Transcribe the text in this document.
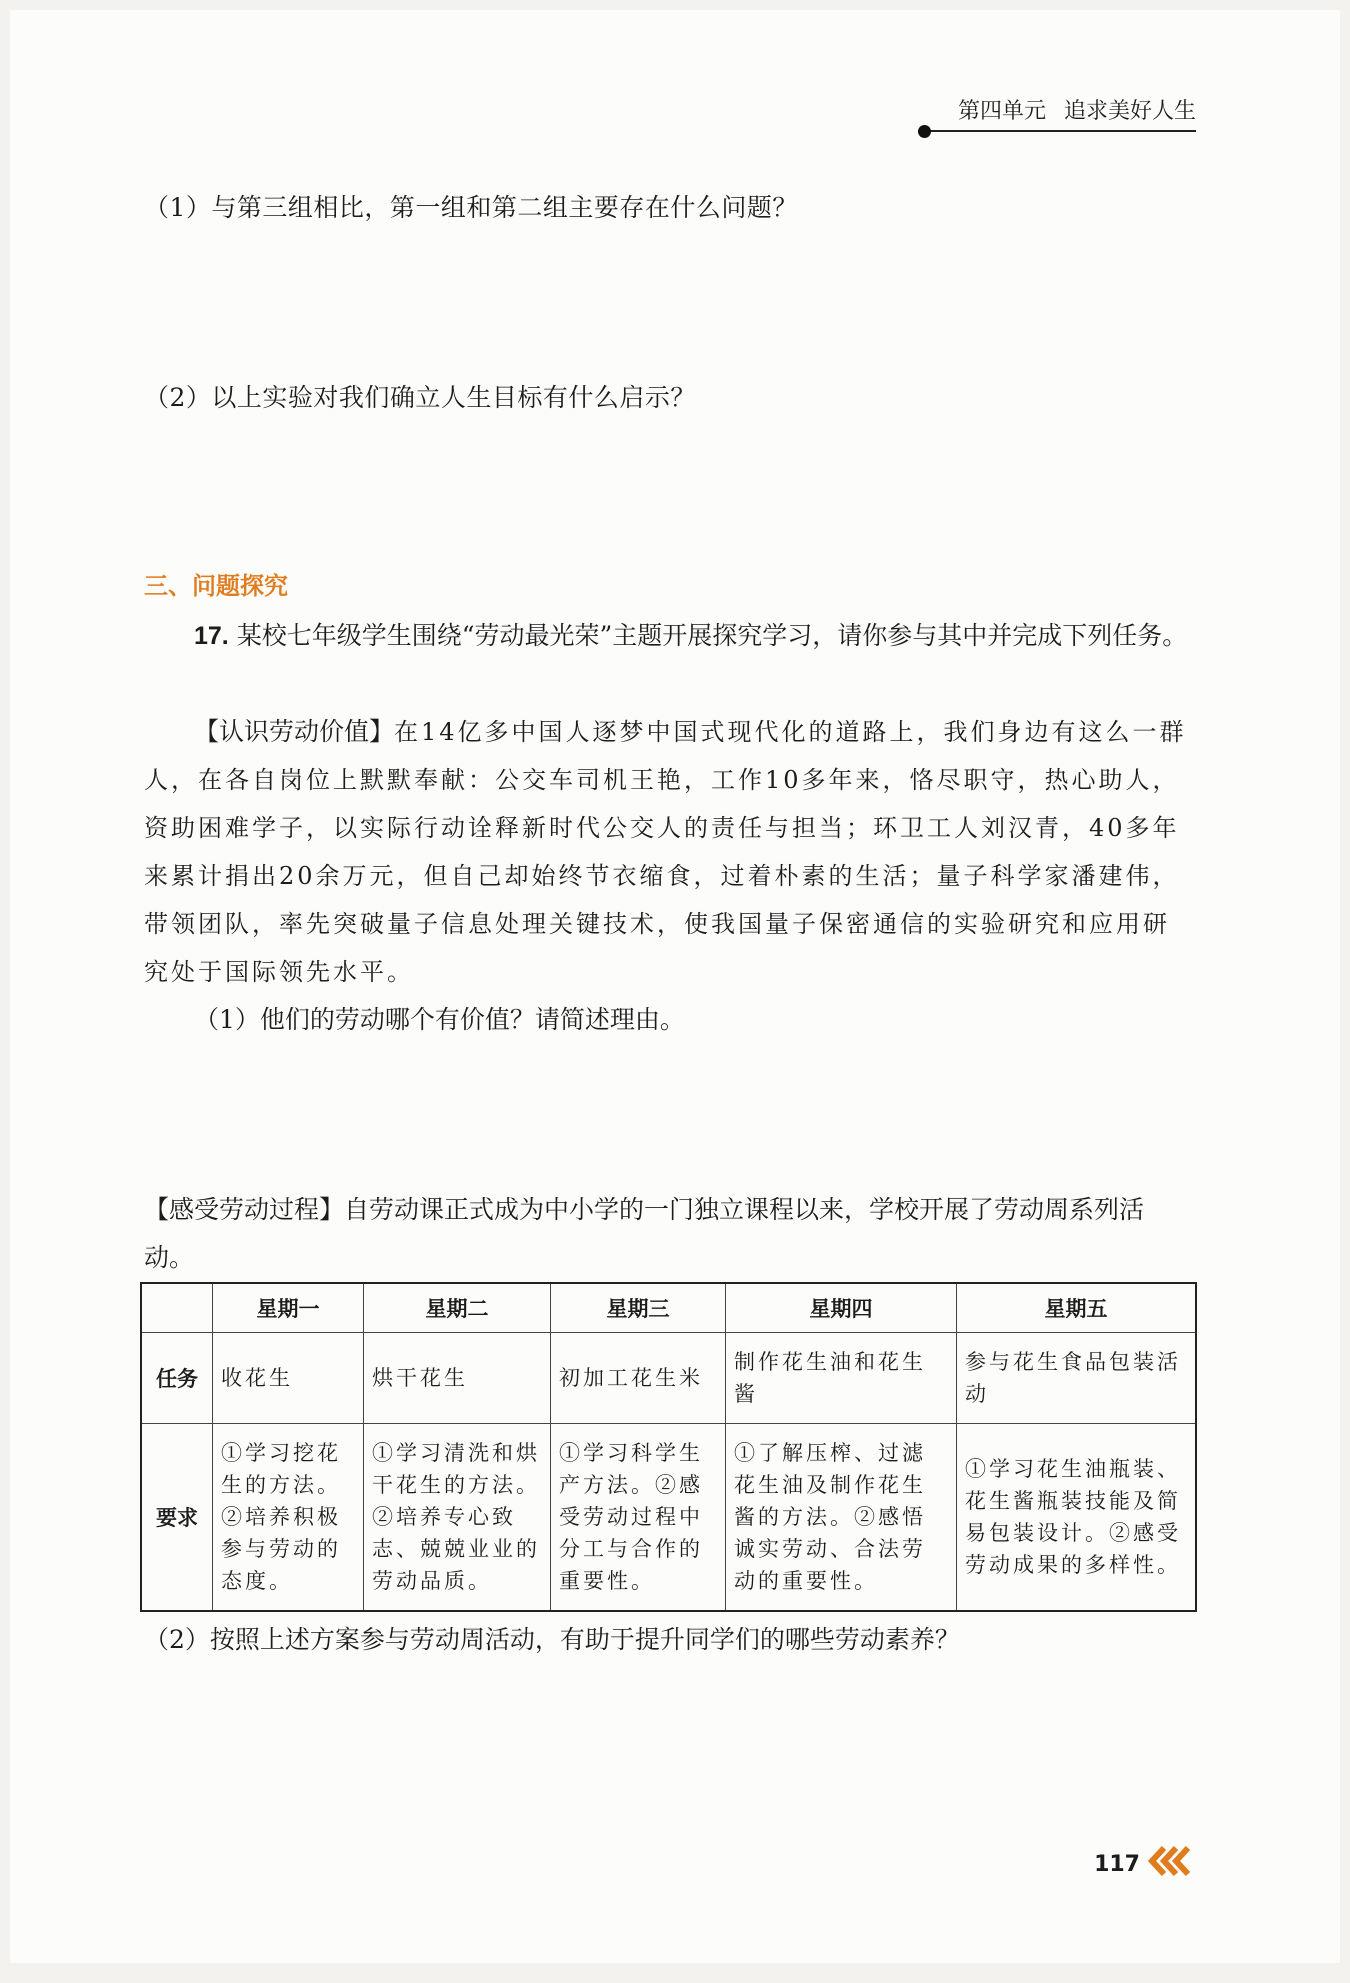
第四单元 追求美好人生

（1）与第三组相比，第一组和第二组主要存在什么问题？

（2）以上实验对我们确立人生目标有什么启示？

三、问题探究

17. 某校七年级学生围绕“劳动最光荣”主题开展探究学习，请你参与其中并完成下列任务。

【认识劳动价值】在14亿多中国人逐梦中国式现代化的道路上，我们身边有这么一群人，在各自岗位上默默奉献：公交车司机王艳，工作10多年来，恪尽职守，热心助人，资助困难学子，以实际行动诠释新时代公交人的责任与担当；环卫工人刘汉青，40多年来累计捐出20余万元，但自己却始终节衣缩食，过着朴素的生活；量子科学家潘建伟，带领团队，率先突破量子信息处理关键技术，使我国量子保密通信的实验研究和应用研究处于国际领先水平。

（1）他们的劳动哪个有价值？请简述理由。

【感受劳动过程】自劳动课正式成为中小学的一门独立课程以来，学校开展了劳动周系列活动。

	星期一	星期二	星期三	星期四	星期五
任务	收花生	烘干花生	初加工花生米	制作花生油和花生酱	参与花生食品包装活动
要求	①学习挖花生的方法。②培养积极参与劳动的态度。	①学习清洗和烘干花生的方法。②培养专心致志、兢兢业业的劳动品质。	①学习科学生产方法。②感受劳动过程中分工与合作的重要性。	①了解压榨、过滤花生油及制作花生酱的方法。②感悟诚实劳动、合法劳动的重要性。	①学习花生油瓶装、花生酱瓶装技能及简易包装设计。②感受劳动成果的多样性。

（2）按照上述方案参与劳动周活动，有助于提升同学们的哪些劳动素养？

117
